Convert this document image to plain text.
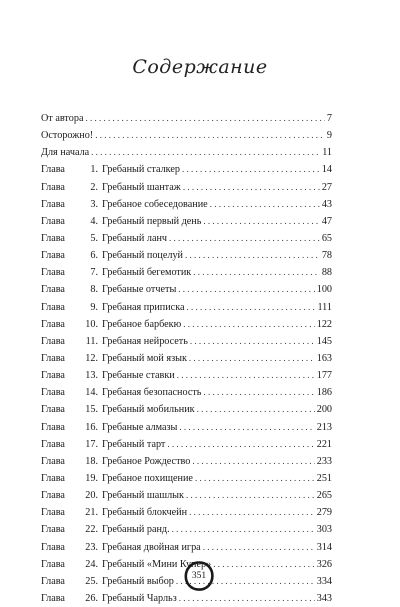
Содержание
От автора . . .	7
Осторожно! . . .	9
Для начала . . .	11
Глава 1. Гребаный сталкер . . .	14
Глава 2. Гребаный шантаж . . .	27
Глава 3. Гребаное собеседование . . .	43
Глава 4. Гребаный первый день . . .	47
Глава 5. Гребаный ланч . . .	65
Глава 6. Гребаный поцелуй . . .	78
Глава 7. Гребаный бегемотик . . .	88
Глава 8. Гребаные отчеты . . .	100
Глава 9. Гребаная приписка . . .	111
Глава 10. Гребаное барбекю . . .	122
Глава 11. Гребаная нейросеть . . .	145
Глава 12. Гребаный мой язык . . .	163
Глава 13. Гребаные ставки . . .	177
Глава 14. Гребаная безопасность . . .	186
Глава 15. Гребаный мобильник . . .	200
Глава 16. Гребаные алмазы . . .	213
Глава 17. Гребаный тарт . . .	221
Глава 18. Гребаное Рождество . . .	233
Глава 19. Гребаное похищение . . .	251
Глава 20. Гребаный шашлык . . .	265
Глава 21. Гребаный блокчейн . . .	279
Глава 22. Гребаный ранд. . . .	303
Глава 23. Гребаная двойная игра . . .	314
Глава 24. Гребаный «Мини Купер» . . .	326
Глава 25. Гребаный выбор . . .	334
Глава 26. Гребаный Чарльз . . .	343
351
